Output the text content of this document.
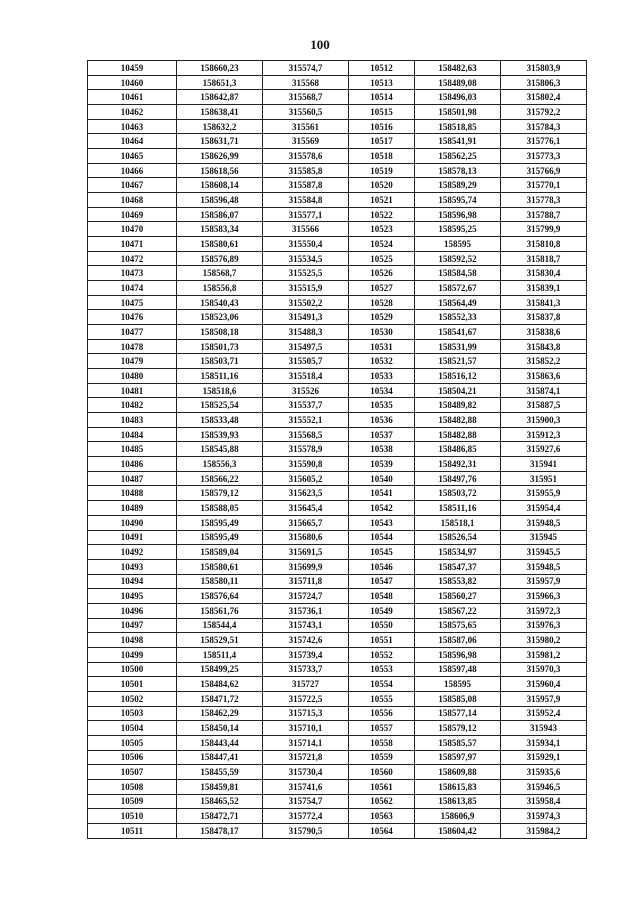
100
10459	158660,23	315574,7	10512	158482,63	315803,9
10460	158651,3	315568	10513	158489,08	315806,3
10461	158642,87	315568,7	10514	158496,03	315802,4
10462	158638,41	315560,5	10515	158501,98	315792,2
10463	158632,2	315561	10516	158518,85	315784,3
10464	158631,71	315569	10517	158541,91	315776,1
10465	158626,99	315578,6	10518	158562,25	315773,3
10466	158618,56	315585,8	10519	158578,13	315766,9
10467	158608,14	315587,8	10520	158589,29	315770,1
10468	158596,48	315584,8	10521	158595,74	315778,3
10469	158586,07	315577,1	10522	158596,98	315788,7
10470	158583,34	315566	10523	158595,25	315799,9
10471	158580,61	315550,4	10524	158595	315810,8
10472	158576,89	315534,5	10525	158592,52	315818,7
10473	158568,7	315525,5	10526	158584,58	315830,4
10474	158556,8	315515,9	10527	158572,67	315839,1
10475	158540,43	315502,2	10528	158564,49	315841,3
10476	158523,06	315491,3	10529	158552,33	315837,8
10477	158508,18	315488,3	10530	158541,67	315838,6
10478	158501,73	315497,5	10531	158531,99	315843,8
10479	158503,71	315505,7	10532	158521,57	315852,2
10480	158511,16	315518,4	10533	158516,12	315863,6
10481	158518,6	315526	10534	158504,21	315874,1
10482	158525,54	315537,7	10535	158489,82	315887,5
10483	158533,48	315552,1	10536	158482,88	315900,3
10484	158539,93	315568,5	10537	158482,88	315912,3
10485	158545,88	315578,9	10538	158486,85	315927,6
10486	158556,3	315590,8	10539	158492,31	315941
10487	158566,22	315605,2	10540	158497,76	315951
10488	158579,12	315623,5	10541	158503,72	315955,9
10489	158588,05	315645,4	10542	158511,16	315954,4
10490	158595,49	315665,7	10543	158518,1	315948,5
10491	158595,49	315680,6	10544	158526,54	315945
10492	158589,04	315691,5	10545	158534,97	315945,5
10493	158580,61	315699,9	10546	158547,37	315948,5
10494	158580,11	315711,8	10547	158553,82	315957,9
10495	158576,64	315724,7	10548	158560,27	315966,3
10496	158561,76	315736,1	10549	158567,22	315972,3
10497	158544,4	315743,1	10550	158575,65	315976,3
10498	158529,51	315742,6	10551	158587,06	315980,2
10499	158511,4	315739,4	10552	158596,98	315981,2
10500	158499,25	315733,7	10553	158597,48	315970,3
10501	158484,62	315727	10554	158595	315960,4
10502	158471,72	315722,5	10555	158585,08	315957,9
10503	158462,29	315715,3	10556	158577,14	315952,4
10504	158450,14	315710,1	10557	158579,12	315943
10505	158443,44	315714,1	10558	158585,57	315934,1
10506	158447,41	315721,8	10559	158597,97	315929,1
10507	158455,59	315730,4	10560	158609,88	315935,6
10508	158459,81	315741,6	10561	158615,83	315946,5
10509	158465,52	315754,7	10562	158613,85	315958,4
10510	158472,71	315772,4	10563	158606,9	315974,3
10511	158478,17	315790,5	10564	158604,42	315984,2
